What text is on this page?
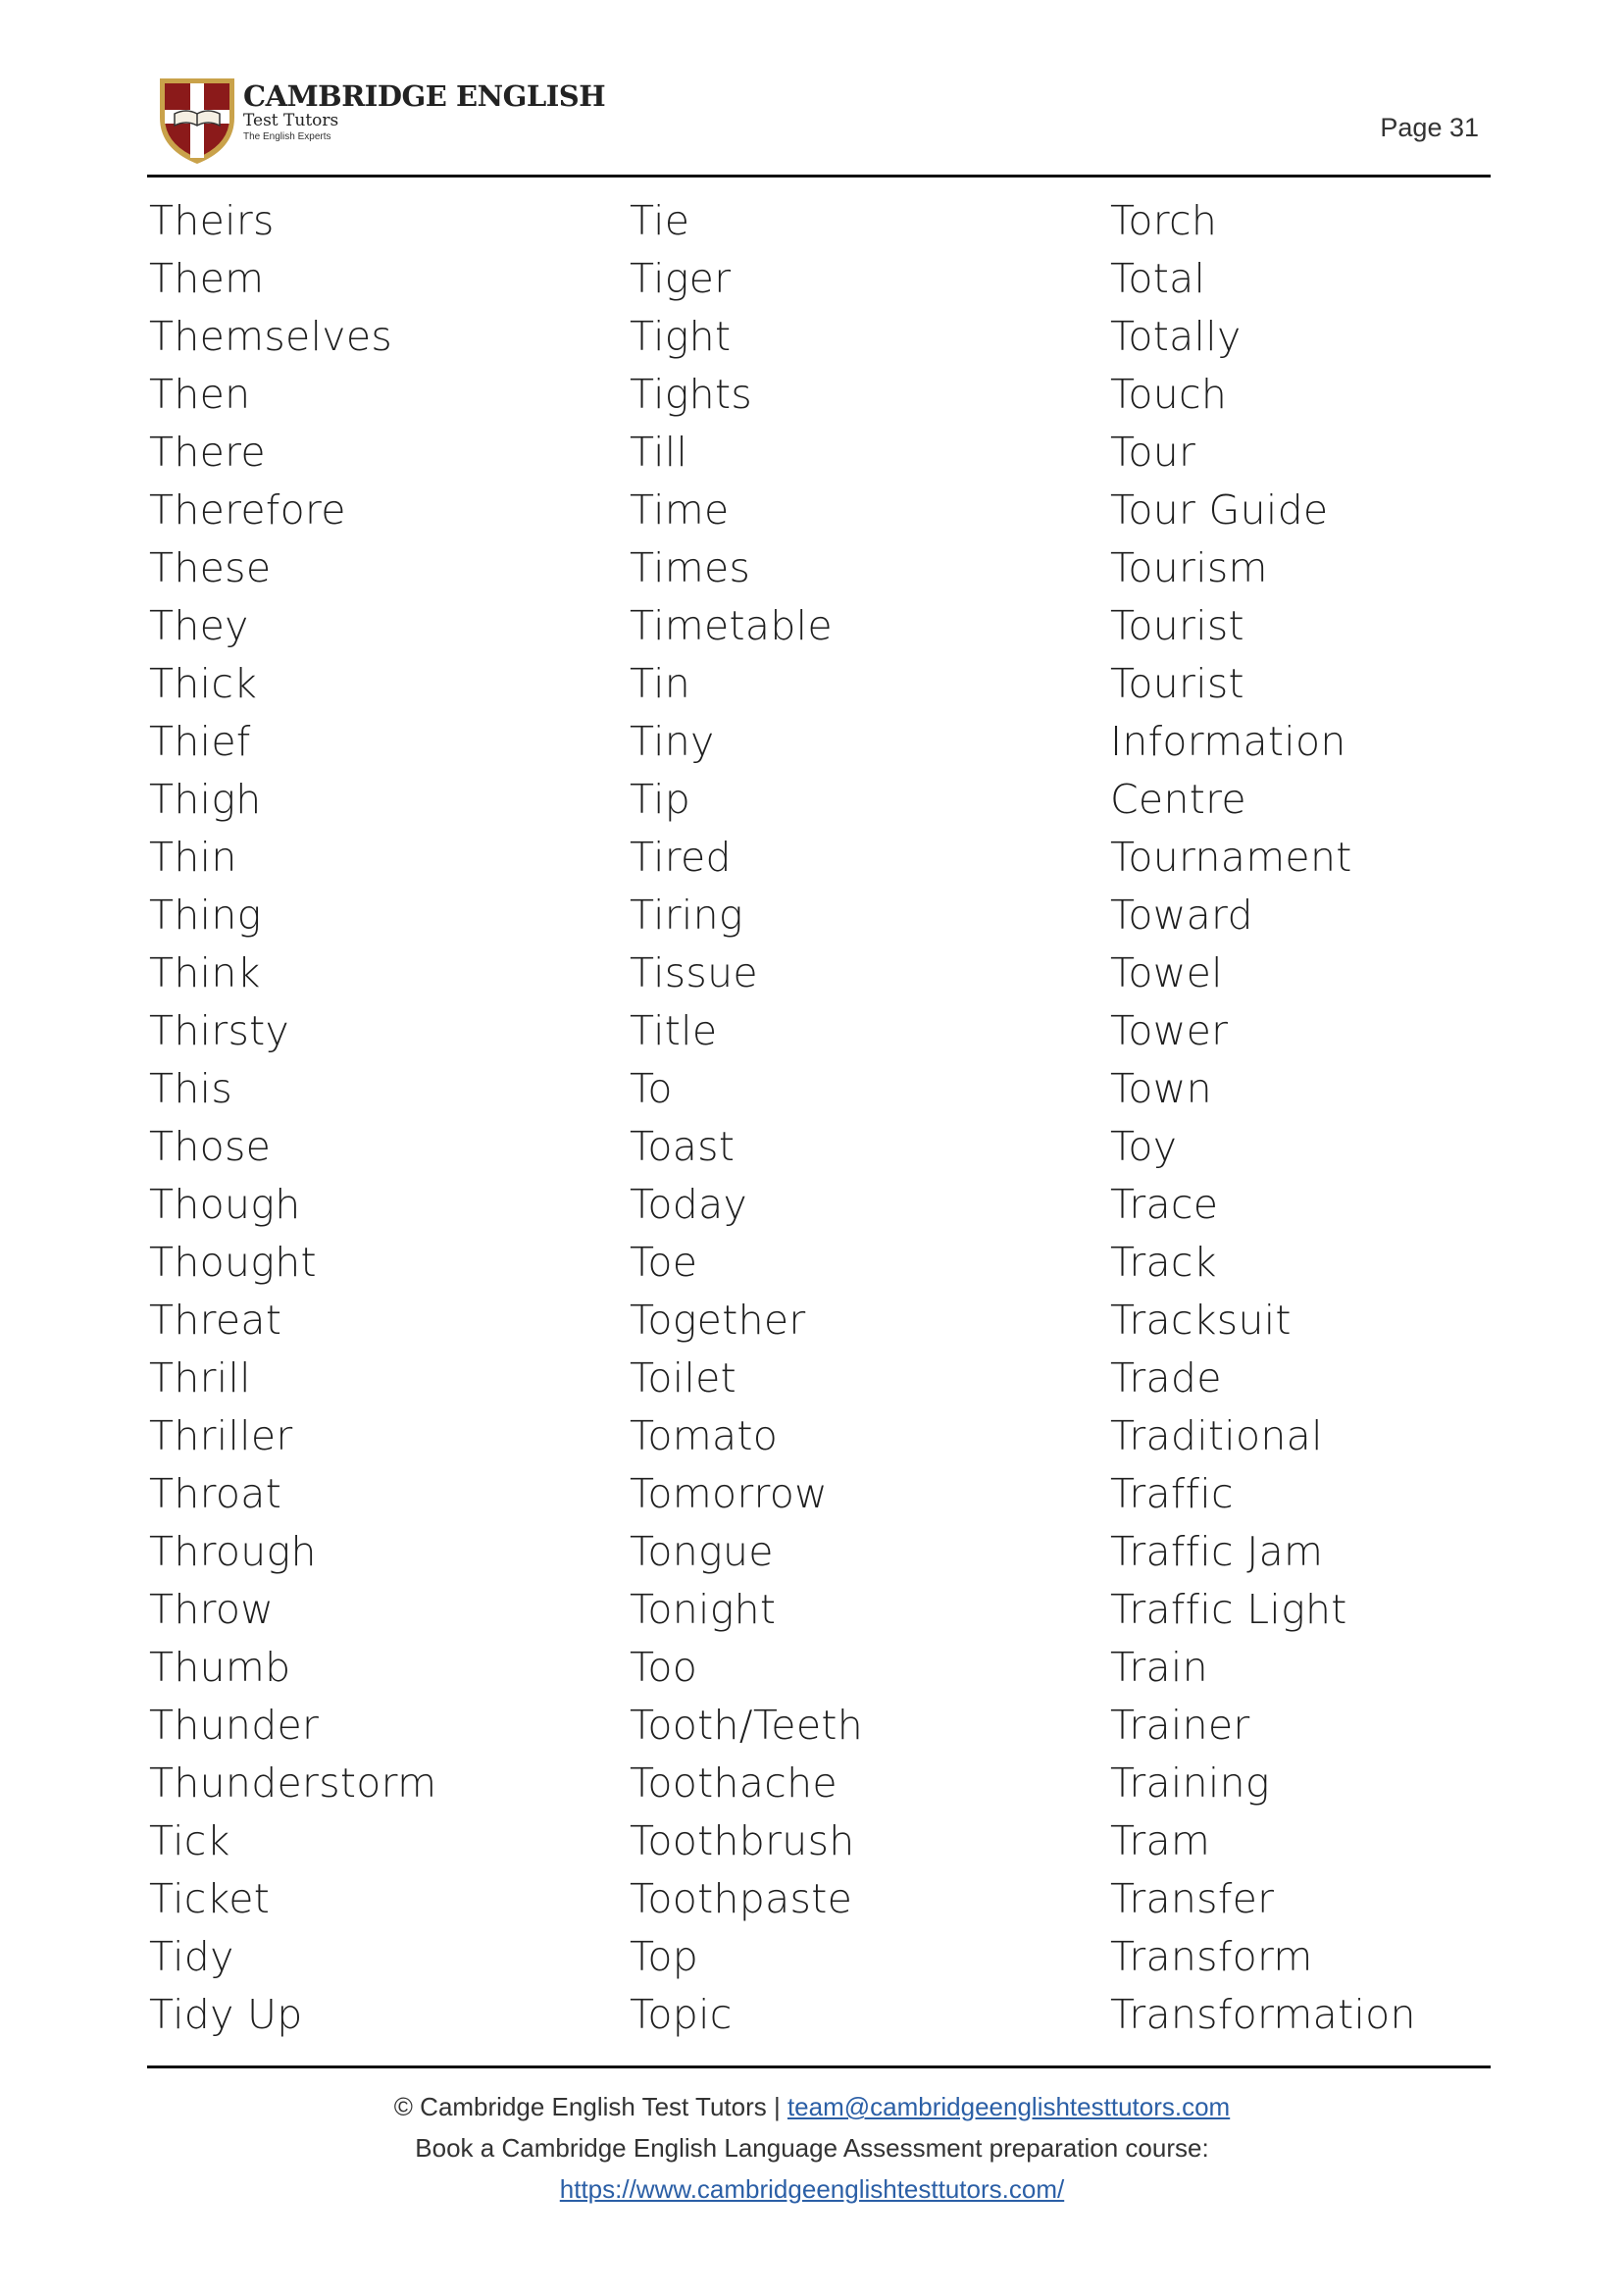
CAMBRIDGE ENGLISH
Test Tutors
The English Experts	Page 31
Theirs
Them
Themselves
Then
There
Therefore
These
They
Thick
Thief
Thigh
Thin
Thing
Think
Thirsty
This
Those
Though
Thought
Threat
Thrill
Thriller
Throat
Through
Throw
Thumb
Thunder
Thunderstorm
Tick
Ticket
Tidy
Tidy Up
Tie
Tiger
Tight
Tights
Till
Time
Times
Timetable
Tin
Tiny
Tip
Tired
Tiring
Tissue
Title
To
Toast
Today
Toe
Together
Toilet
Tomato
Tomorrow
Tongue
Tonight
Too
Tooth/Teeth
Toothache
Toothbrush
Toothpaste
Top
Topic
Torch
Total
Totally
Touch
Tour
Tour Guide
Tourism
Tourist
Tourist
Information
Centre
Tournament
Toward
Towel
Tower
Town
Toy
Trace
Track
Tracksuit
Trade
Traditional
Traffic
Traffic Jam
Traffic Light
Train
Trainer
Training
Tram
Transfer
Transform
Transformation
© Cambridge English Test Tutors | team@cambridgeenglishtesttutors.com
Book a Cambridge English Language Assessment preparation course:
https://www.cambridgeenglishtesttutors.com/
